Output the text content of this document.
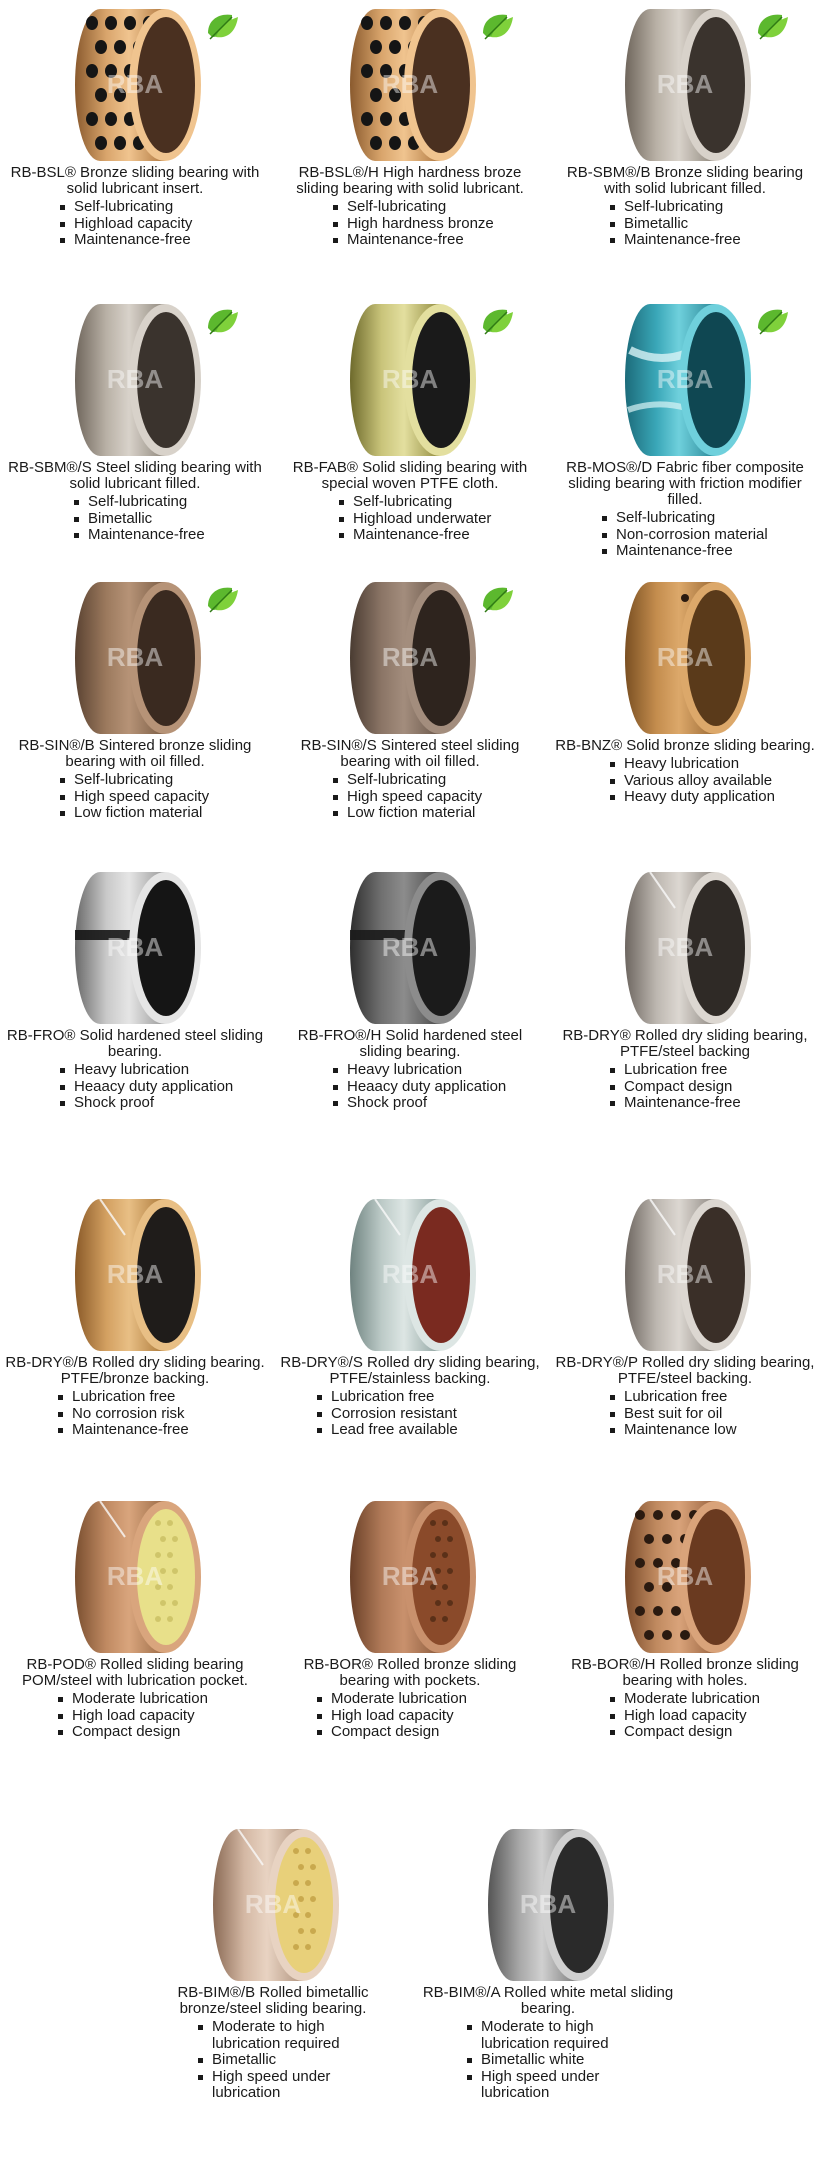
RBA

RB-BSL® Bronze sliding bearing with solid lubricant insert.

Self-lubricating
Highload capacity
Maintenance-free
RBA

RB-BSL®/H High hardness broze sliding bearing with solid lubricant.

Self-lubricating
High hardness bronze
Maintenance-free
RBA

RB-SBM®/B Bronze sliding bearing with solid lubricant filled.

Self-lubricating
Bimetallic
Maintenance-free
RBA

RB-SBM®/S Steel sliding bearing with solid lubricant filled.

Self-lubricating
Bimetallic
Maintenance-free
RBA

RB-FAB® Solid sliding bearing with special woven PTFE cloth.

Self-lubricating
Highload underwater
Maintenance-free
RBA

RB-MOS®/D Fabric fiber composite sliding bearing with friction modifier filled.

Self-lubricating
Non-corrosion material
Maintenance-free
RBA

RB-SIN®/B Sintered bronze sliding bearing with oil filled.

Self-lubricating
High speed capacity
Low fiction material
RBA

RB-SIN®/S Sintered steel sliding bearing with oil filled.

Self-lubricating
High speed capacity
Low fiction material
RBA

RB-BNZ® Solid bronze sliding bearing.

Heavy lubrication
Various alloy available
Heavy duty application
RBA

RB-FRO® Solid hardened steel sliding bearing.

Heavy lubrication
Heaacy duty application
Shock proof
RBA

RB-FRO®/H Solid hardened steel sliding bearing.

Heavy lubrication
Heaacy duty application
Shock proof
RBA

RB-DRY® Rolled dry sliding bearing, PTFE/steel backing

Lubrication free
Compact design
Maintenance-free
RBA

RB-DRY®/B Rolled dry sliding bearing. PTFE/bronze backing.

Lubrication free
No corrosion risk
Maintenance-free
RBA

RB-DRY®/S Rolled dry sliding bearing, PTFE/stainless backing.

Lubrication free
Corrosion resistant
Lead free available
RBA

RB-DRY®/P Rolled dry sliding bearing, PTFE/steel backing.

Lubrication free
Best suit for oil
Maintenance low
RBA

RB-POD® Rolled sliding bearing POM/steel with lubrication pocket.

Moderate lubrication
High load capacity
Compact design
RBA

RB-BOR® Rolled bronze sliding bearing with pockets.

Moderate lubrication
High load capacity
Compact design
RBA

RB-BOR®/H Rolled bronze sliding bearing with holes.

Moderate lubrication
High load capacity
Compact design
RBA

RB-BIM®/B Rolled bimetallic bronze/steel sliding bearing.

Moderate to high lubrication required
Bimetallic
High speed under lubrication
RBA

RB-BIM®/A Rolled white metal sliding bearing.

Moderate to high lubrication required
Bimetallic white
High speed under lubrication
